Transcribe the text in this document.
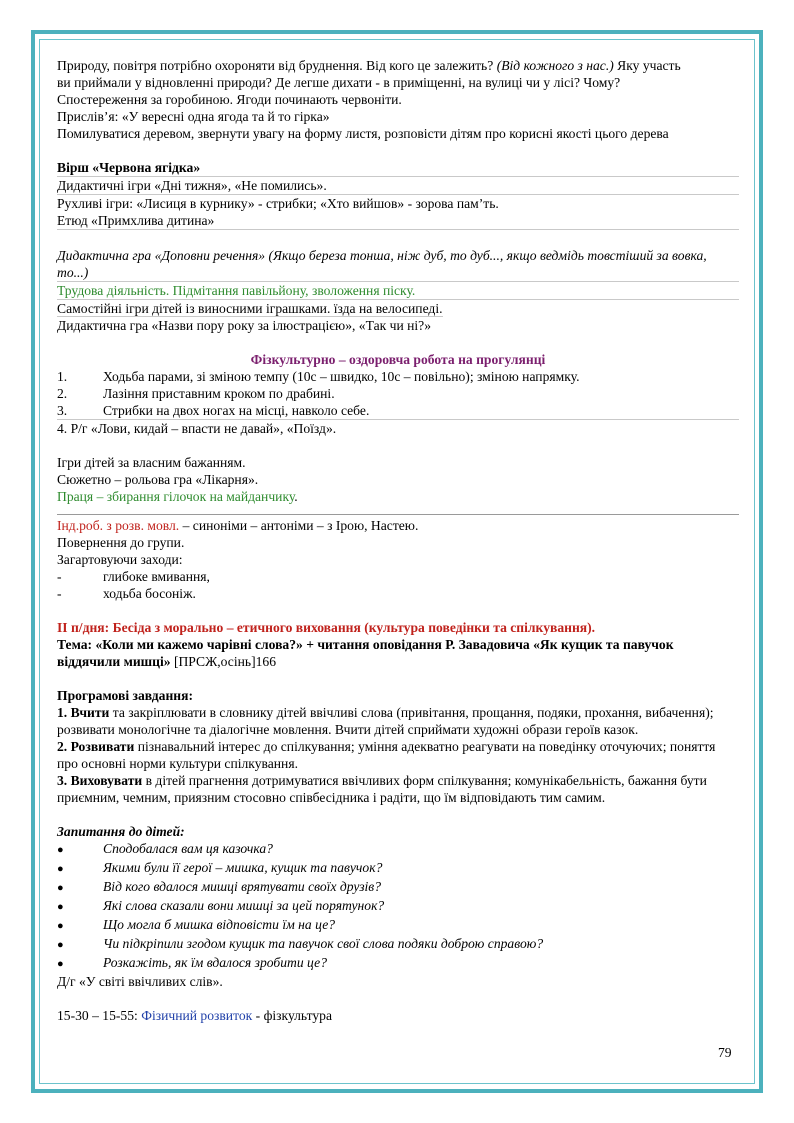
Природу, повітря потрібно охороняти від бруднення. Від кого це залежить? (Від кожного з нас.) Яку участь
ви приймали у відновленні природи? Де легше дихати - в приміщенні, на вулиці чи у лісі? Чому?
Спостереження за горобиною. Ягоди починають червоніти.
Прислів’я: «У вересні одна ягода та й то гірка»
Помилуватися деревом, звернути увагу на форму листя, розповісти дітям про корисні якості цього дерева
Вірш «Червона ягідка»
Дидактичні ігри «Дні тижня», «Не помились».
Рухливі ігри: «Лисиця в курнику» - стрибки; «Хто вийшов» - зорова пам’ть.
Етюд «Примхлива дитина»
Дидактична гра «Доповни речення» (Якщо береза тонша, ніж дуб, то дуб..., якщо ведмідь товстіший за вовка, то...)
Трудова діяльність. Підмітання павільйону, зволоження піску.
Самостійні ігри дітей із виносними іграшками. їзда на велосипеді.
Дидактична гра «Назви пору року за ілюстрацією», «Так чи ні?»
Фізкультурно – оздоровча робота на прогулянці
1.	Ходьба парами, зі зміною темпу (10с – швидко, 10с – повільно); зміною напрямку.
2.	Лазіння приставним кроком по драбині.
3.	Стрибки на двох ногах на місці, навколо себе.
4. Р/г «Лови, кидай – впасти не давай», «Поїзд».
Ігри дітей за власним бажанням.
Сюжетно – рольова гра «Лікарня».
Праця – збирання гілочок на майданчику.
Інд.роб. з розв. мовл. – синоніми – антоніми – з Ірою, Настею.
Повернення до групи.
Загартовуючи заходи:
-	глибоке вмивання,
-	ходьба босоніж.
ІІ п/дня: Бесіда з морально – етичного виховання (культура поведінки та спілкування).
Тема: «Коли ми кажемо чарівні слова?» + читання оповідання Р. Завадовича «Як кущик та павучок віддячили мишці» [ПРСЖ,осінь]166
Програмові завдання:
1. Вчити та закріплювати в словнику дітей ввічливі слова (привітання, прощання, подяки, прохання, вибачення); розвивати монологічне та діалогічне мовлення. Вчити дітей сприймати художні образи героїв казок.
2. Розвивати пізнавальний інтерес до спілкування; уміння адекватно реагувати на поведінку оточуючих; поняття про основні норми культури спілкування.
3. Виховувати в дітей прагнення дотримуватися ввічливих форм спілкування; комунікабельність, бажання бути приємним, чемним, приязним стосовно співбесідника і радіти, що їм відповідають тим самим.
Запитання до дітей:
●	Сподобалася вам ця казочка?
●	Якими були її герої – мишка, кущик та павучок?
●	Від кого вдалося мишці врятувати своїх друзів?
●	Які слова сказали вони мишці за цей порятунок?
●	Що могла б мишка відповісти їм на це?
●	Чи підкріпили згодом кущик та павучок свої слова подяки доброю справою?
●	Розкажіть, як їм вдалося зробити це?
Д/г «У світі ввічливих слів».
15-30 – 15-55: Фізичний розвиток - фізкультура
79
